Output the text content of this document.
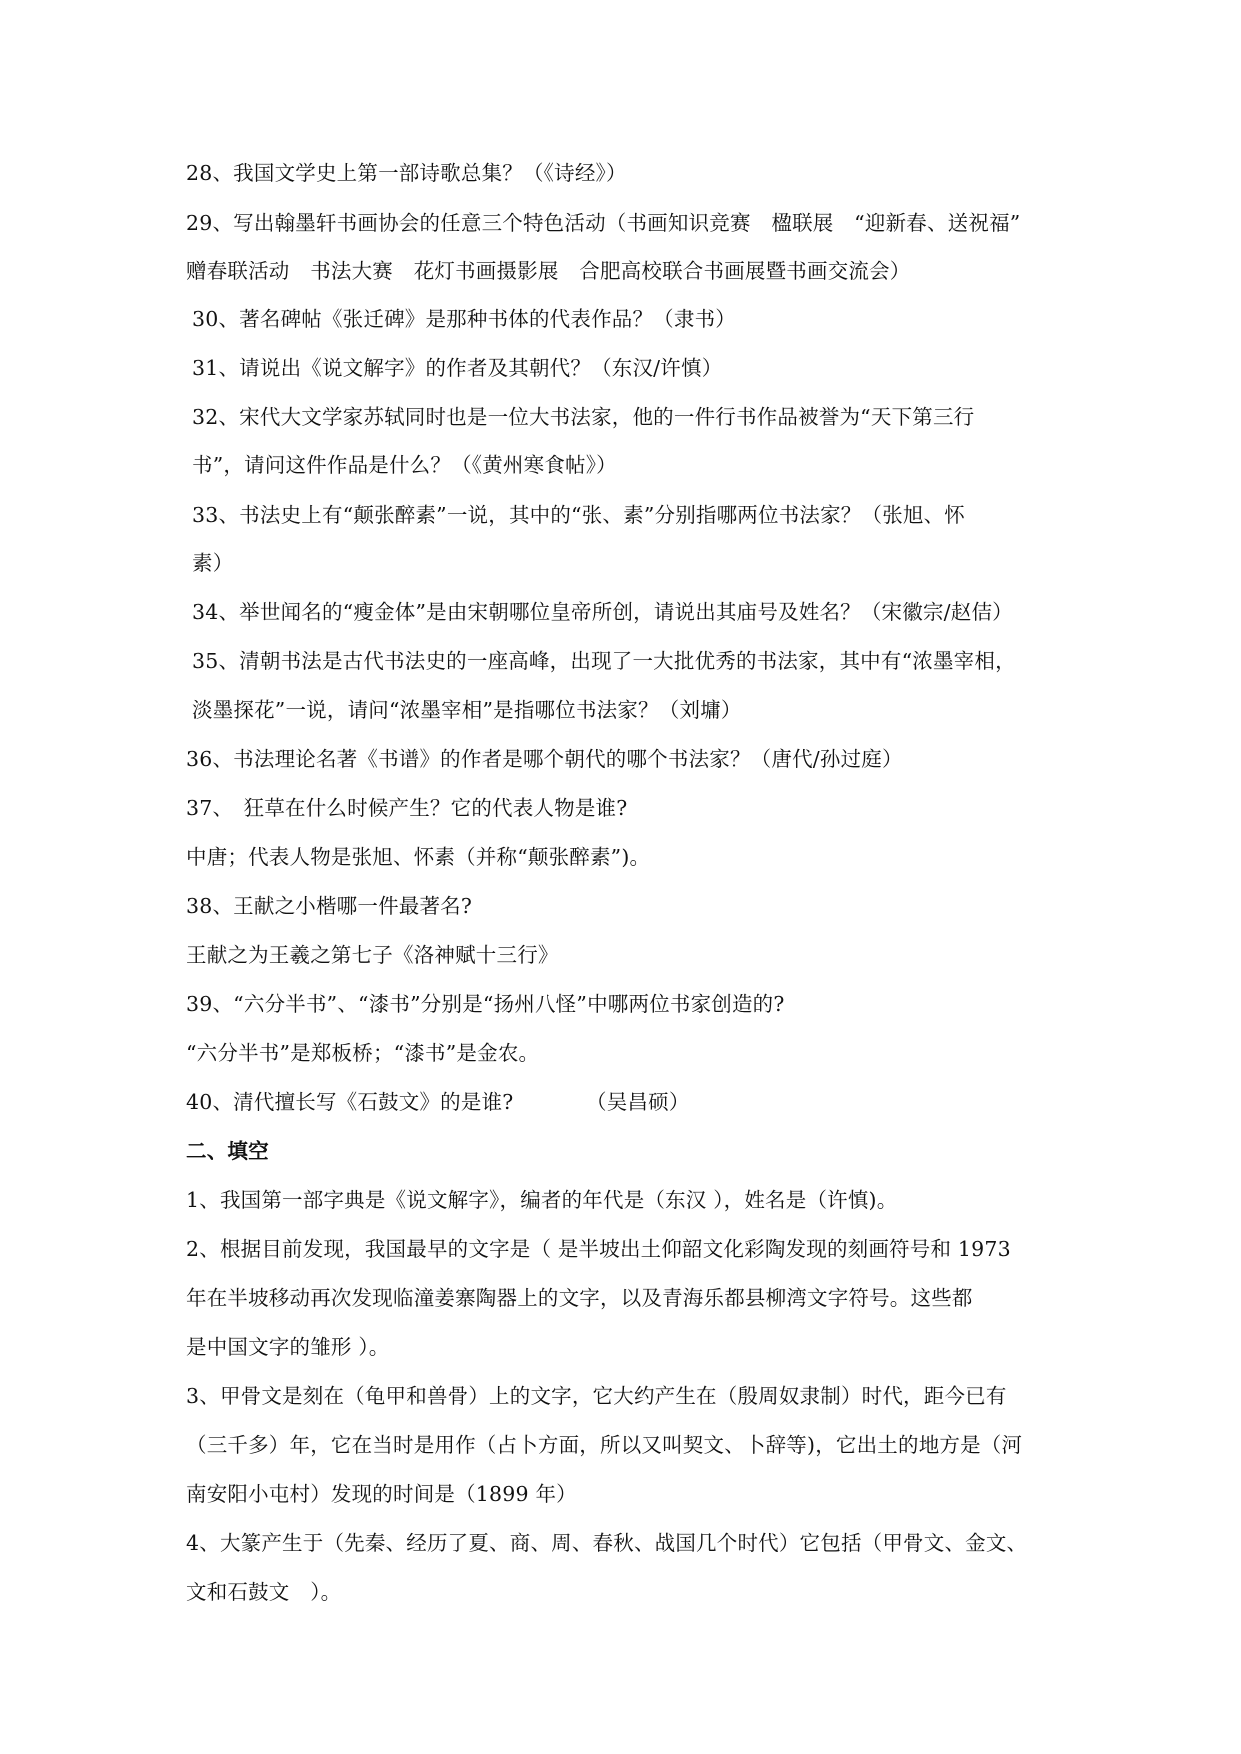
28、我国文学史上第一部诗歌总集？（《诗经》）
29、写出翰墨轩书画协会的任意三个特色活动（书画知识竞赛　楹联展　“迎新春、送祝福”
赠春联活动　书法大赛　花灯书画摄影展　合肥高校联合书画展暨书画交流会）
30、著名碑帖《张迁碑》是那种书体的代表作品？（隶书）
31、请说出《说文解字》的作者及其朝代？（东汉/许慎）
32、宋代大文学家苏轼同时也是一位大书法家，他的一件行书作品被誉为“天下第三行
书”，请问这件作品是什么？（《黄州寒食帖》）
33、书法史上有“颠张醉素”一说，其中的“张、素”分别指哪两位书法家？（张旭、怀
素）
34、举世闻名的“瘦金体”是由宋朝哪位皇帝所创，请说出其庙号及姓名？（宋徽宗/赵佶）
35、清朝书法是古代书法史的一座高峰，出现了一大批优秀的书法家，其中有“浓墨宰相，
淡墨探花”一说，请问“浓墨宰相”是指哪位书法家？（刘墉）
36、书法理论名著《书谱》的作者是哪个朝代的哪个书法家？（唐代/孙过庭）
37、　狂草在什么时候产生？它的代表人物是谁?
中唐；代表人物是张旭、怀素（并称“颠张醉素”)。
38、王献之小楷哪一件最著名?
王献之为王羲之第七子《洛神赋十三行》
39、“六分半书”、“漆书”分别是“扬州八怪”中哪两位书家创造的?
“六分半书”是郑板桥；“漆书”是金农。
40、清代擅长写《石鼓文》的是谁?　　　　（吴昌硕）
二、填空
1、我国第一部字典是《说文解字》，编者的年代是（东汉 ），姓名是（许慎)。
2、根据目前发现，我国最早的文字是（ 是半坡出土仰韶文化彩陶发现的刻画符号和 1973
年在半坡移动再次发现临潼姜寨陶器上的文字，以及青海乐都县柳湾文字符号。这些都
是中国文字的雏形 ）。
3、甲骨文是刻在（龟甲和兽骨）上的文字，它大约产生在（殷周奴隶制）时代，距今已有
（三千多）年，它在当时是用作（占卜方面，所以又叫契文、卜辞等)，它出土的地方是（河
南安阳小屯村）发现的时间是（1899 年）
4、大篆产生于（先秦、经历了夏、商、周、春秋、战国几个时代）它包括（甲骨文、金文、
文和石鼓文　）。
